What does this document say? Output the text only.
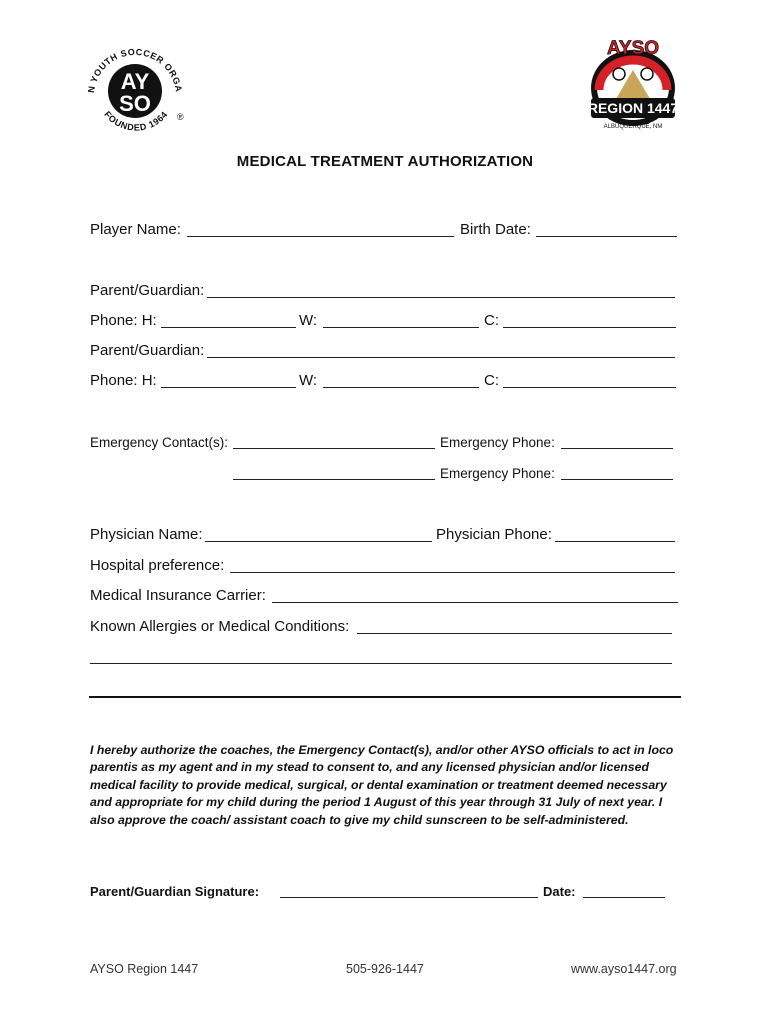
N YOUTH SOCCER ORGA
FOUNDED 1964
AY
SO
®
AYSO
REGION 1447
ALBUQUERQUE, NM
MEDICAL TREATMENT AUTHORIZATION
Player Name:	Birth Date:
Parent/Guardian:
Phone: H:	W:	C:
Parent/Guardian:
Phone: H:	W:	C:
Emergency Contact(s):	Emergency Phone:
Emergency Phone:
Physician Name:	Physician Phone:
Hospital preference:
Medical Insurance Carrier:
Known Allergies or Medical Conditions:
I hereby authorize the coaches, the Emergency Contact(s), and/or other AYSO officials to act in loco parentis as my agent and in my stead to consent to, and any licensed physician and/or licensed medical facility to provide medical, surgical, or dental examination or treatment deemed necessary and appropriate for my child during the period 1 August of this year through 31 July of next year. I also approve the coach/ assistant coach to give my child sunscreen to be self-administered.
Parent/Guardian Signature:	Date:
AYSO Region 1447	505-926-1447	www.ayso1447.org
